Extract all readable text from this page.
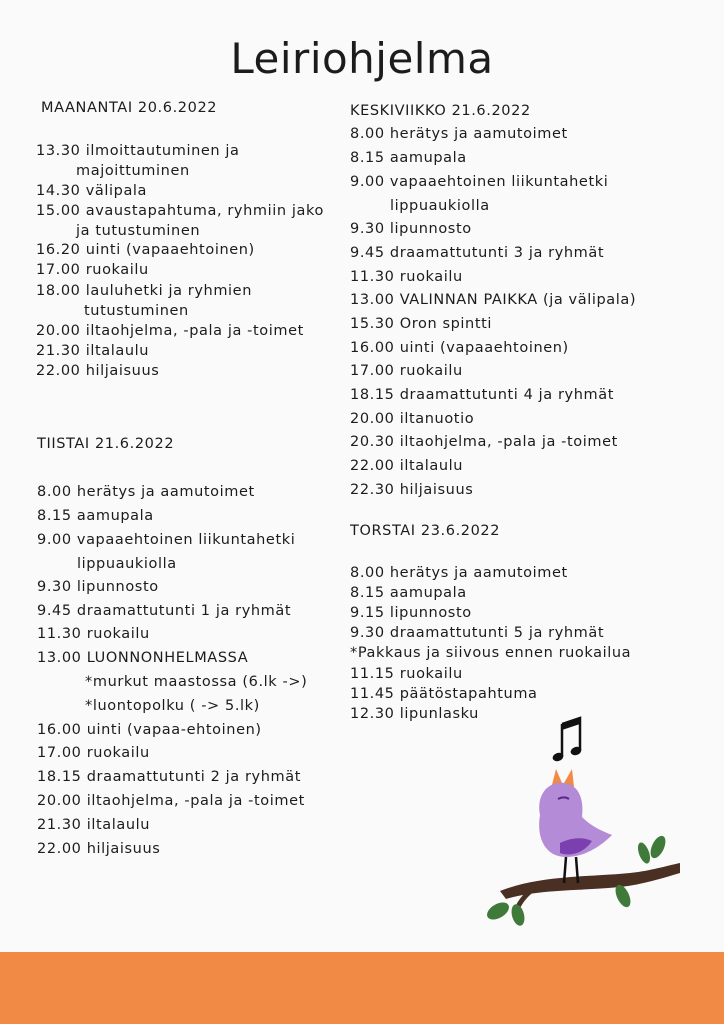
Leiriohjelma
MAANANTAI 20.6.2022
13.30 ilmoittautuminen ja
majoittuminen
14.30 välipala
15.00 avaustapahtuma, ryhmiin jako
ja tutustuminen
16.20 uinti (vapaaehtoinen)
17.00 ruokailu
18.00 lauluhetki ja ryhmien
tutustuminen
20.00 iltaohjelma, -pala ja -toimet
21.30 iltalaulu
22.00 hiljaisuus
TIISTAI 21.6.2022
8.00 herätys ja aamutoimet
8.15 aamupala
9.00 vapaaehtoinen liikuntahetki
lippuaukiolla
9.30 lipunnosto
9.45 draamattutunti 1 ja ryhmät
11.30 ruokailu
13.00 LUONNONHELMASSA
*murkut maastossa (6.lk ->)
*luontopolku ( -> 5.lk)
16.00 uinti (vapaa-ehtoinen)
17.00 ruokailu
18.15 draamattutunti 2 ja ryhmät
20.00 iltaohjelma, -pala ja -toimet
21.30 iltalaulu
22.00 hiljaisuus
KESKIVIIKKO 21.6.2022
8.00 herätys ja aamutoimet
8.15 aamupala
9.00 vapaaehtoinen liikuntahetki
lippuaukiolla
9.30 lipunnosto
9.45 draamattutunti 3 ja ryhmät
11.30 ruokailu
13.00 VALINNAN PAIKKA (ja välipala)
15.30 Oron spintti
16.00 uinti (vapaaehtoinen)
17.00 ruokailu
18.15 draamattutunti 4 ja ryhmät
20.00 iltanuotio
20.30 iltaohjelma, -pala ja -toimet
22.00 iltalaulu
22.30 hiljaisuus
TORSTAI 23.6.2022
8.00 herätys ja aamutoimet
8.15 aamupala
9.15 lipunnosto
9.30 draamattutunti 5 ja ryhmät
*Pakkaus ja siivous ennen ruokailua
11.15 ruokailu
11.45 päätöstapahtuma
12.30 lipunlasku
